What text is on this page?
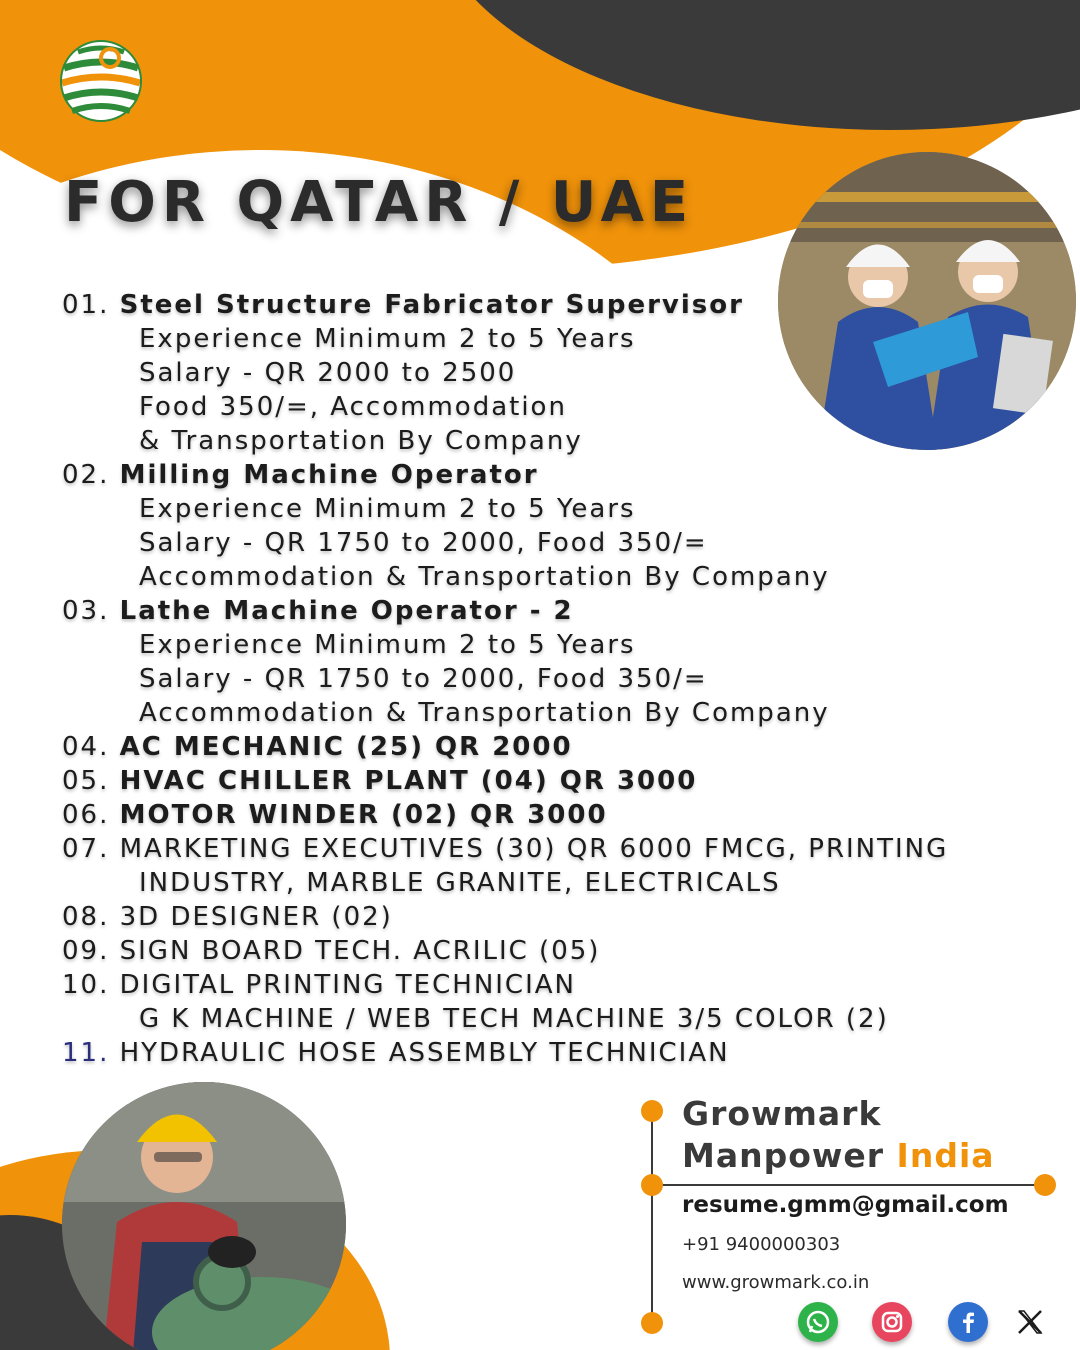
FOR QATAR / UAE
01. Steel Structure Fabricator Supervisor
Experience Minimum 2 to 5 Years
Salary - QR 2000 to 2500
Food 350/=, Accommodation
& Transportation By Company
02. Milling Machine Operator
Experience Minimum 2 to 5 Years
Salary - QR 1750 to 2000, Food 350/=
Accommodation & Transportation By Company
03. Lathe Machine Operator - 2
Experience Minimum 2 to 5 Years
Salary - QR 1750 to 2000, Food 350/=
Accommodation & Transportation By Company
04. AC MECHANIC (25) QR 2000
05. HVAC CHILLER PLANT (04) QR 3000
06. MOTOR WINDER (02) QR 3000
07. MARKETING EXECUTIVES (30) QR 6000 FMCG, PRINTING
INDUSTRY, MARBLE GRANITE, ELECTRICALS
08. 3D DESIGNER (02)
09. SIGN BOARD TECH. ACRILIC (05)
10. DIGITAL PRINTING TECHNICIAN
G K MACHINE / WEB TECH MACHINE 3/5 COLOR (2)
11. HYDRAULIC HOSE ASSEMBLY TECHNICIAN
Growmark
Manpower India
resume.gmm@gmail.com
+91 9400000303
www.growmark.co.in
